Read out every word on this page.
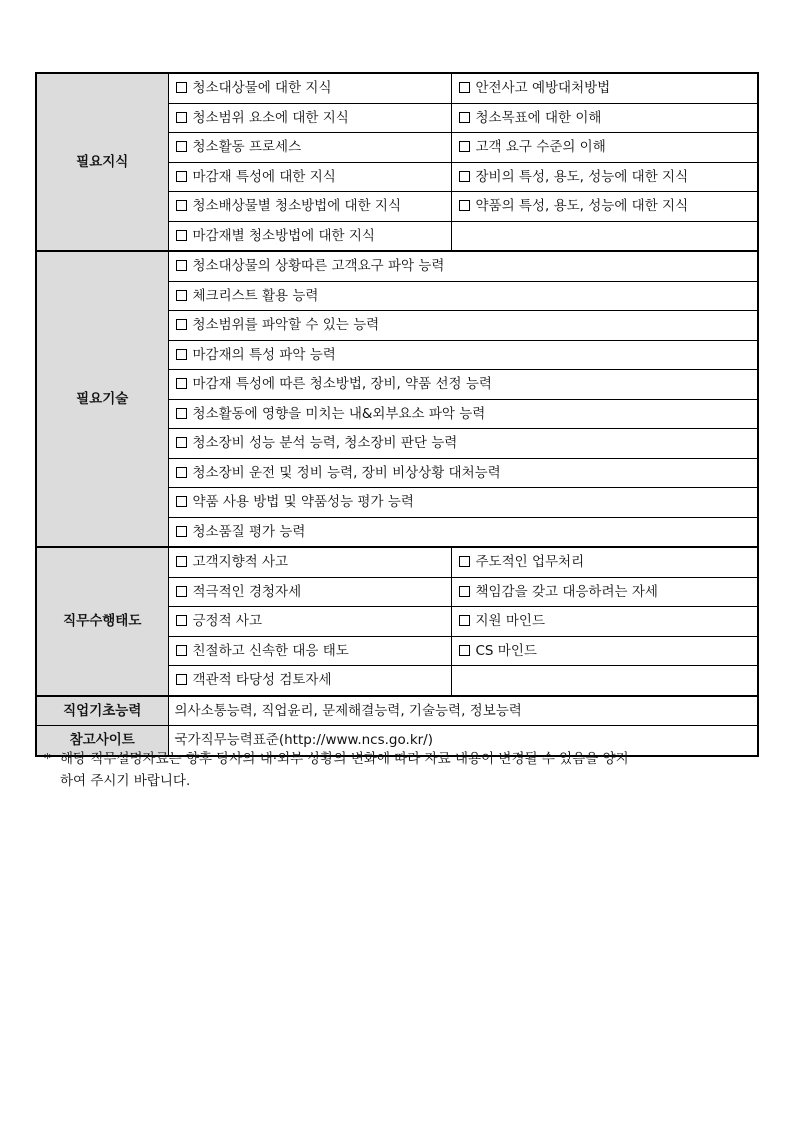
필요지식	청소대상물에 대한 지식	안전사고 예방대처방법
	청소범위 요소에 대한 지식	청소목표에 대한 이해
	청소활동 프로세스	고객 요구 수준의 이해
	마감재 특성에 대한 지식	장비의 특성, 용도, 성능에 대한 지식
	청소배상물별 청소방법에 대한 지식	약품의 특성, 용도, 성능에 대한 지식
	마감재별 청소방법에 대한 지식	
필요기술	청소대상물의 상황따른 고객요구 파악 능력	
	체크리스트 활용 능력	
	청소범위를 파악할 수 있는 능력	
	마감재의 특성 파악 능력	
	마감재 특성에 따른 청소방법, 장비, 약품 선정 능력	
	청소활동에 영향을 미치는 내&외부요소 파악 능력	
	청소장비 성능 분석 능력, 청소장비 판단 능력	
	청소장비 운전 및 정비 능력, 장비 비상상황 대처능력	
	약품 사용 방법 및 약품성능 평가 능력	
	청소품질 평가 능력	
직무수행태도	고객지향적 사고	주도적인 업무처리
	적극적인 경청자세	책임감을 갖고 대응하려는 자세
	긍정적 사고	지원 마인드
	친절하고 신속한 대응 태도	CS 마인드
	객관적 타당성 검토자세	
직업기초능력	의사소통능력, 직업윤리, 문제해결능력, 기술능력, 정보능력	
참고사이트	국가직무능력표준(http://www.ncs.go.kr/)	
* 해당 직무설명자료는 향후 당사의 내·외부 상황의 변화에 따라 자료 내용이 변경될 수 있음을 양지
하여 주시기 바랍니다.
